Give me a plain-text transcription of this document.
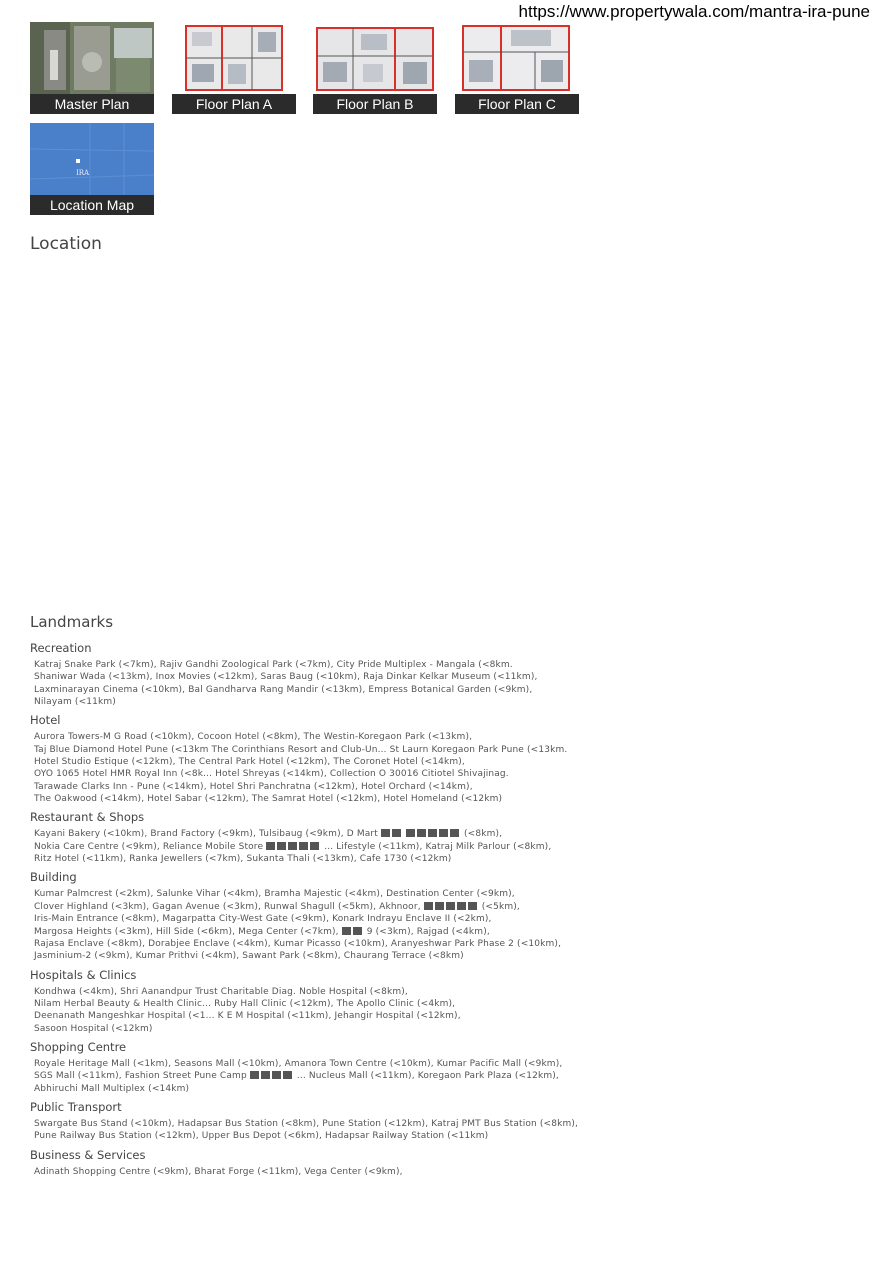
https://www.propertywala.com/mantra-ira-pune
Master Plan	Floor Plan A	Floor Plan B	Floor Plan C
IRA
Location Map
Location
Landmarks
Recreation
Katraj Snake Park (<7km), Rajiv Gandhi Zoological Park (<7km), City Pride Multiplex - Mangala (<8km.
Shaniwar Wada (<13km), Inox Movies (<12km), Saras Baug (<10km), Raja Dinkar Kelkar Museum (<11km),
Laxminarayan Cinema (<10km), Bal Gandharva Rang Mandir (<13km), Empress Botanical Garden (<9km),
Nilayam (<11km)
Hotel
Aurora Towers-M G Road (<10km), Cocoon Hotel (<8km), The Westin-Koregaon Park (<13km),
Taj Blue Diamond Hotel Pune (<13km The Corinthians Resort and Club-Un... St Laurn Koregaon Park Pune (<13km.
Hotel Studio Estique (<12km), The Central Park Hotel (<12km), The Coronet Hotel (<14km),
OYO 1065 Hotel HMR Royal Inn (<8k... Hotel Shreyas (<14km), Collection O 30016 Citiotel Shivajinag.
Tarawade Clarks Inn - Pune (<14km), Hotel Shri Panchratna (<12km), Hotel Orchard (<14km),
The Oakwood (<14km), Hotel Sabar (<12km), The Samrat Hotel (<12km), Hotel Homeland (<12km)
Restaurant & Shops
Kayani Bakery (<10km), Brand Factory (<9km), Tulsibaug (<9km), D Mart	(<8km),
Nokia Care Centre (<9km), Reliance Mobile Store	... Lifestyle (<11km), Katraj Milk Parlour (<8km),
Ritz Hotel (<11km), Ranka Jewellers (<7km), Sukanta Thali (<13km), Cafe 1730 (<12km)
Building
Kumar Palmcrest (<2km), Salunke Vihar (<4km), Bramha Majestic (<4km), Destination Center (<9km),
Clover Highland (<3km), Gagan Avenue (<3km), Runwal Shagull (<5km), Akhnoor,	(<5km),
Iris-Main Entrance (<8km), Magarpatta City-West Gate (<9km), Konark Indrayu Enclave II (<2km),
Margosa Heights (<3km), Hill Side (<6km), Mega Center (<7km),	9 (<3km), Rajgad (<4km),
Rajasa Enclave (<8km), Dorabjee Enclave (<4km), Kumar Picasso (<10km), Aranyeshwar Park Phase 2 (<10km),
Jasminium-2 (<9km), Kumar Prithvi (<4km), Sawant Park (<8km), Chaurang Terrace (<8km)
Hospitals & Clinics
Kondhwa (<4km), Shri Aanandpur Trust Charitable Diag. Noble Hospital (<8km),
Nilam Herbal Beauty & Health Clinic... Ruby Hall Clinic (<12km), The Apollo Clinic (<4km),
Deenanath Mangeshkar Hospital (<1... K E M Hospital (<11km), Jehangir Hospital (<12km),
Sasoon Hospital (<12km)
Shopping Centre
Royale Heritage Mall (<1km), Seasons Mall (<10km), Amanora Town Centre (<10km), Kumar Pacific Mall (<9km),
SGS Mall (<11km), Fashion Street Pune Camp	... Nucleus Mall (<11km), Koregaon Park Plaza (<12km),
Abhiruchi Mall Multiplex (<14km)
Public Transport
Swargate Bus Stand (<10km), Hadapsar Bus Station (<8km), Pune Station (<12km), Katraj PMT Bus Station (<8km),
Pune Railway Bus Station (<12km), Upper Bus Depot (<6km), Hadapsar Railway Station (<11km)
Business & Services
Adinath Shopping Centre (<9km), Bharat Forge (<11km), Vega Center (<9km),
